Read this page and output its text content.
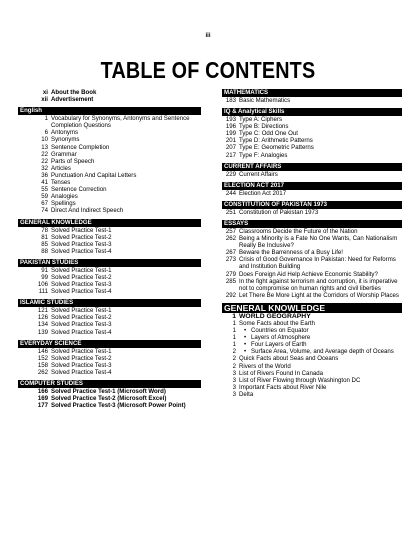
iii
TABLE OF CONTENTS
xi About the Book
xii Advertisement
English
1 Vocabulary for Synonyms, Antonyms and Sentence Completion Questions
6 Antonyms
10 Synonyms
13 Sentence Completion
22 Grammar
22 Parts of Speech
32 Articles
36 Punctuation And Capital Letters
41 Tenses
55 Sentence Correction
59 Analogies
67 Spellings
74 Direct And Indirect Speech
GENERAL KNOWLEDGE
78 Solved Practice Test-1
81 Solved Practice Test-2
85 Solved Practice Test-3
88 Solved Practice Test-4
PAKISTAN STUDIES
91 Solved Practice Test-1
99 Solved Practice Test-2
106 Solved Practice Test-3
111 Solved Practice Test-4
ISLAMIC STUDIES
121 Solved Practice Test-1
126 Solved Practice Test-2
134 Solved Practice Test-3
139 Solved Practice Test-4
EVERYDAY SCIENCE
146 Solved Practice Test-1
152 Solved Practice Test-2
158 Solved Practice Test-3
262 Solved Practice Test-4
COMPUTER STUDIES
166 Solved Practice Test-1 (Microsoft Word)
169 Solved Practice Test-2 (Microsoft Excel)
177 Solved Practice Test-3 (Microsoft Power Point)
MATHEMATICS
183 Basic Mathematics
IQ & Analytical Skills
193 Type A: Ciphers
196 Type B: Directions
199 Type C: Odd One Out
201 Type D: Arithmetic Patterns
207 Type E: Geometric Patterns
217 Type F: Analogies
CURRENT AFFAIRS
229 Current Affairs
ELECTION ACT 2017
244 Election Act 2017
CONSTITUTION OF PAKISTAN 1973
251 Constitution of Pakistan 1973
ESSAYS
257 Classrooms Decide the Future of the Nation
262 Being a Minority is a Fate No One Wants, Can Nationalism Really Be Inclusive?
267 Beware the Barrenness of a Busy Life!
273 Crisis of Good Governance In Pakistan: Need for Reforms and Institution Building
279 Does Foreign Aid Help Achieve Economic Stability?
285 In the fight against terrorism and corruption, it is imperative not to compromise on human rights and civil liberties
292 Let There Be More Light at the Corridors of Worship Places
GENERAL KNOWLEDGE
1 WORLD GEOGRAPHY
1 Some Facts about the Earth
1	• Countries on Equator
1	• Layers of Atmosphere
1	• Four Layers of Earth
2	• Surface Area, Volume, and Average depth of Oceans
2 Quick Facts about Seas and Oceans
2 Rivers of the World
3 List of Rivers Found In Canada
3 List of River Flowing through Washington DC
3 Important Facts about River Nile
3 Delta
